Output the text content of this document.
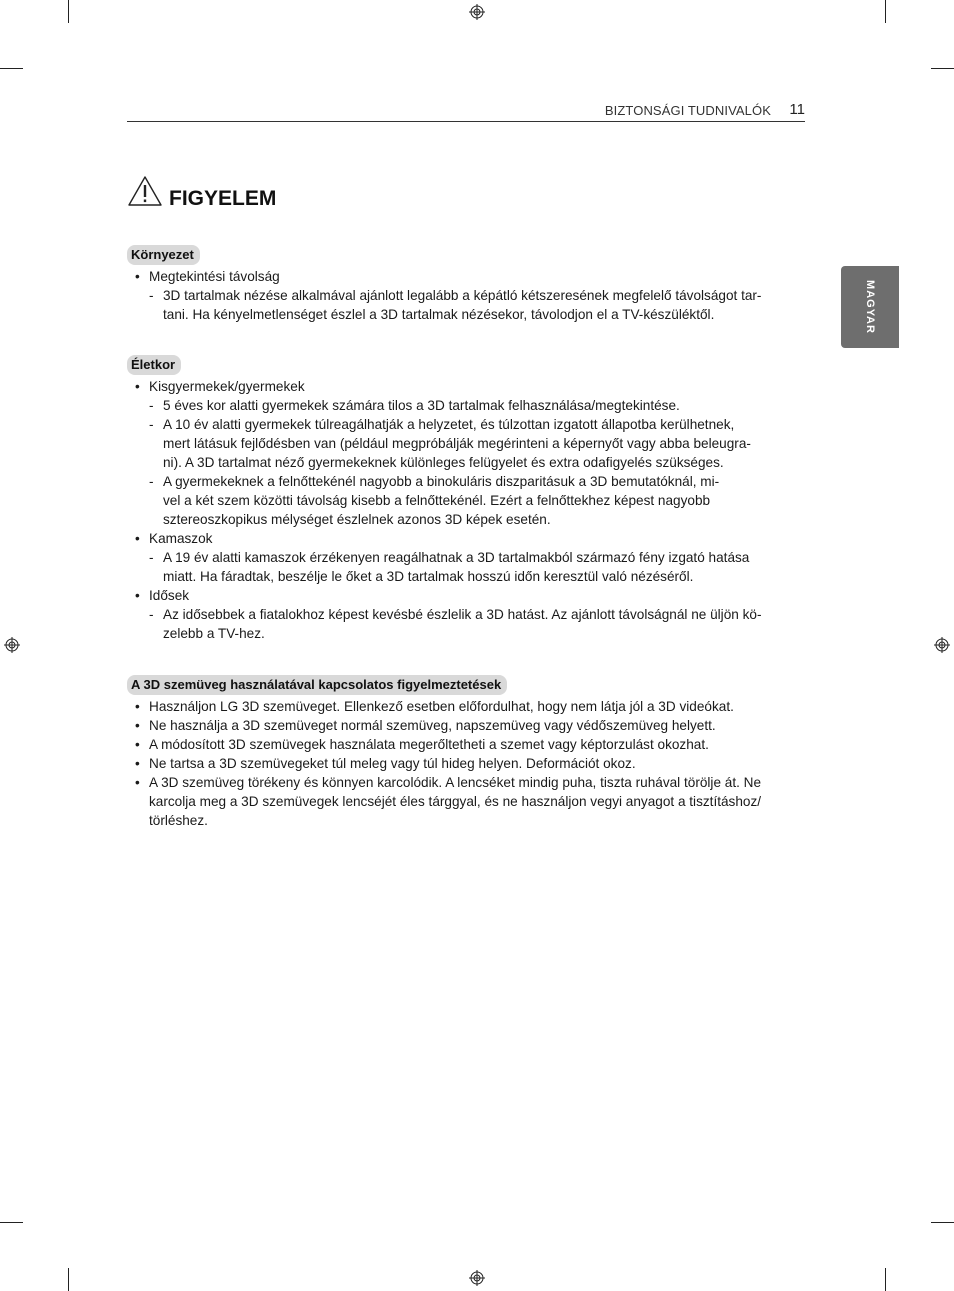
BIZTONSÁGI TUDNIVALÓK 11
MAGYAR
FIGYELEM
Környezet
• Megtekintési távolság
- 3D tartalmak nézése alkalmával ajánlott legalább a képátló kétszeresének megfelelő távolságot tar-
tani. Ha kényelmetlenséget észlel a 3D tartalmak nézésekor, távolodjon el a TV-készüléktől.
Életkor
• Kisgyermekek/gyermekek
- 5 éves kor alatti gyermekek számára tilos a 3D tartalmak felhasználása/megtekintése.
- A 10 év alatti gyermekek túlreagálhatják a helyzetet, és túlzottan izgatott állapotba kerülhetnek,
mert látásuk fejlődésben van (például megpróbálják megérinteni a képernyőt vagy abba beleugra-
ni). A 3D tartalmat néző gyermekeknek különleges felügyelet és extra odafigyelés szükséges.
- A gyermekeknek a felnőttekénél nagyobb a binokuláris diszparitásuk a 3D bemutatóknál, mi-
vel a két szem közötti távolság kisebb a felnőttekénél. Ezért a felnőttekhez képest nagyobb
sztereoszkopikus mélységet észlelnek azonos 3D képek esetén.
• Kamaszok
- A 19 év alatti kamaszok érzékenyen reagálhatnak a 3D tartalmakból származó fény izgató hatása
miatt. Ha fáradtak, beszélje le őket a 3D tartalmak hosszú időn keresztül való nézéséről.
• Idősek
- Az idősebbek a fiatalokhoz képest kevésbé észlelik a 3D hatást. Az ajánlott távolságnál ne üljön kö-
zelebb a TV-hez.
A 3D szemüveg használatával kapcsolatos figyelmeztetések
• Használjon LG 3D szemüveget. Ellenkező esetben előfordulhat, hogy nem látja jól a 3D videókat.
• Ne használja a 3D szemüveget normál szemüveg, napszemüveg vagy védőszemüveg helyett.
• A módosított 3D szemüvegek használata megerőltetheti a szemet vagy képtorzulást okozhat.
• Ne tartsa a 3D szemüvegeket túl meleg vagy túl hideg helyen. Deformációt okoz.
• A 3D szemüveg törékeny és könnyen karcolódik. A lencséket mindig puha, tiszta ruhával törölje át. Ne
karcolja meg a 3D szemüvegek lencséjét éles tárggyal, és ne használjon vegyi anyagot a tisztításhoz/
törléshez.
